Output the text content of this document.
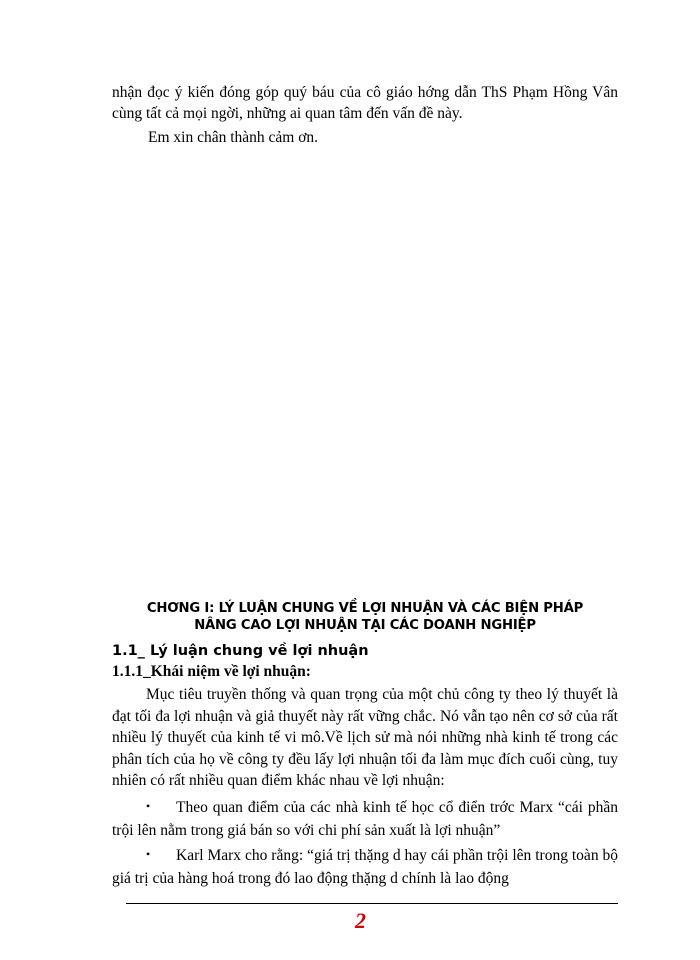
nhận đọc ý kiến đóng góp quý báu của cô giáo hớng dẫn ThS Phạm Hồng Vân cùng tất cả mọi ngời, những ai quan tâm đến vấn đề này.

Em xin chân thành cảm ơn.

CHƠNG I: LÝ LUẬN CHUNG VỀ LỢI NHUẬN VÀ CÁC BIỆN PHÁP
NÂNG CAO LỢI NHUẬN TẠI CÁC DOANH NGHIỆP
1.1_ Lý luận chung về lợi nhuận
1.1.1_Khái niệm về lợi nhuận:

Mục tiêu truyền thống và quan trọng của một chủ công ty theo lý thuyết là đạt tối đa lợi nhuận và giả thuyết này rất vững chắc. Nó vẫn tạo nên cơ sở của rất nhiều lý thuyết của kinh tế vi mô.Về lịch sử mà nói những nhà kinh tế trong các phân tích của họ về công ty đều lấy lợi nhuận tối đa làm mục đích cuối cùng, tuy nhiên có rất nhiều quan điểm khác nhau về lợi nhuận:

• Theo quan điểm của các nhà kinh tế học cổ điển trớc Marx “cái phần trội lên nằm trong giá bán so với chi phí sản xuất là lợi nhuận”

• Karl Marx cho rằng: “giá trị thặng d hay cái phần trội lên trong toàn bộ giá trị của hàng hoá trong đó lao động thặng d chính là lao động

2
